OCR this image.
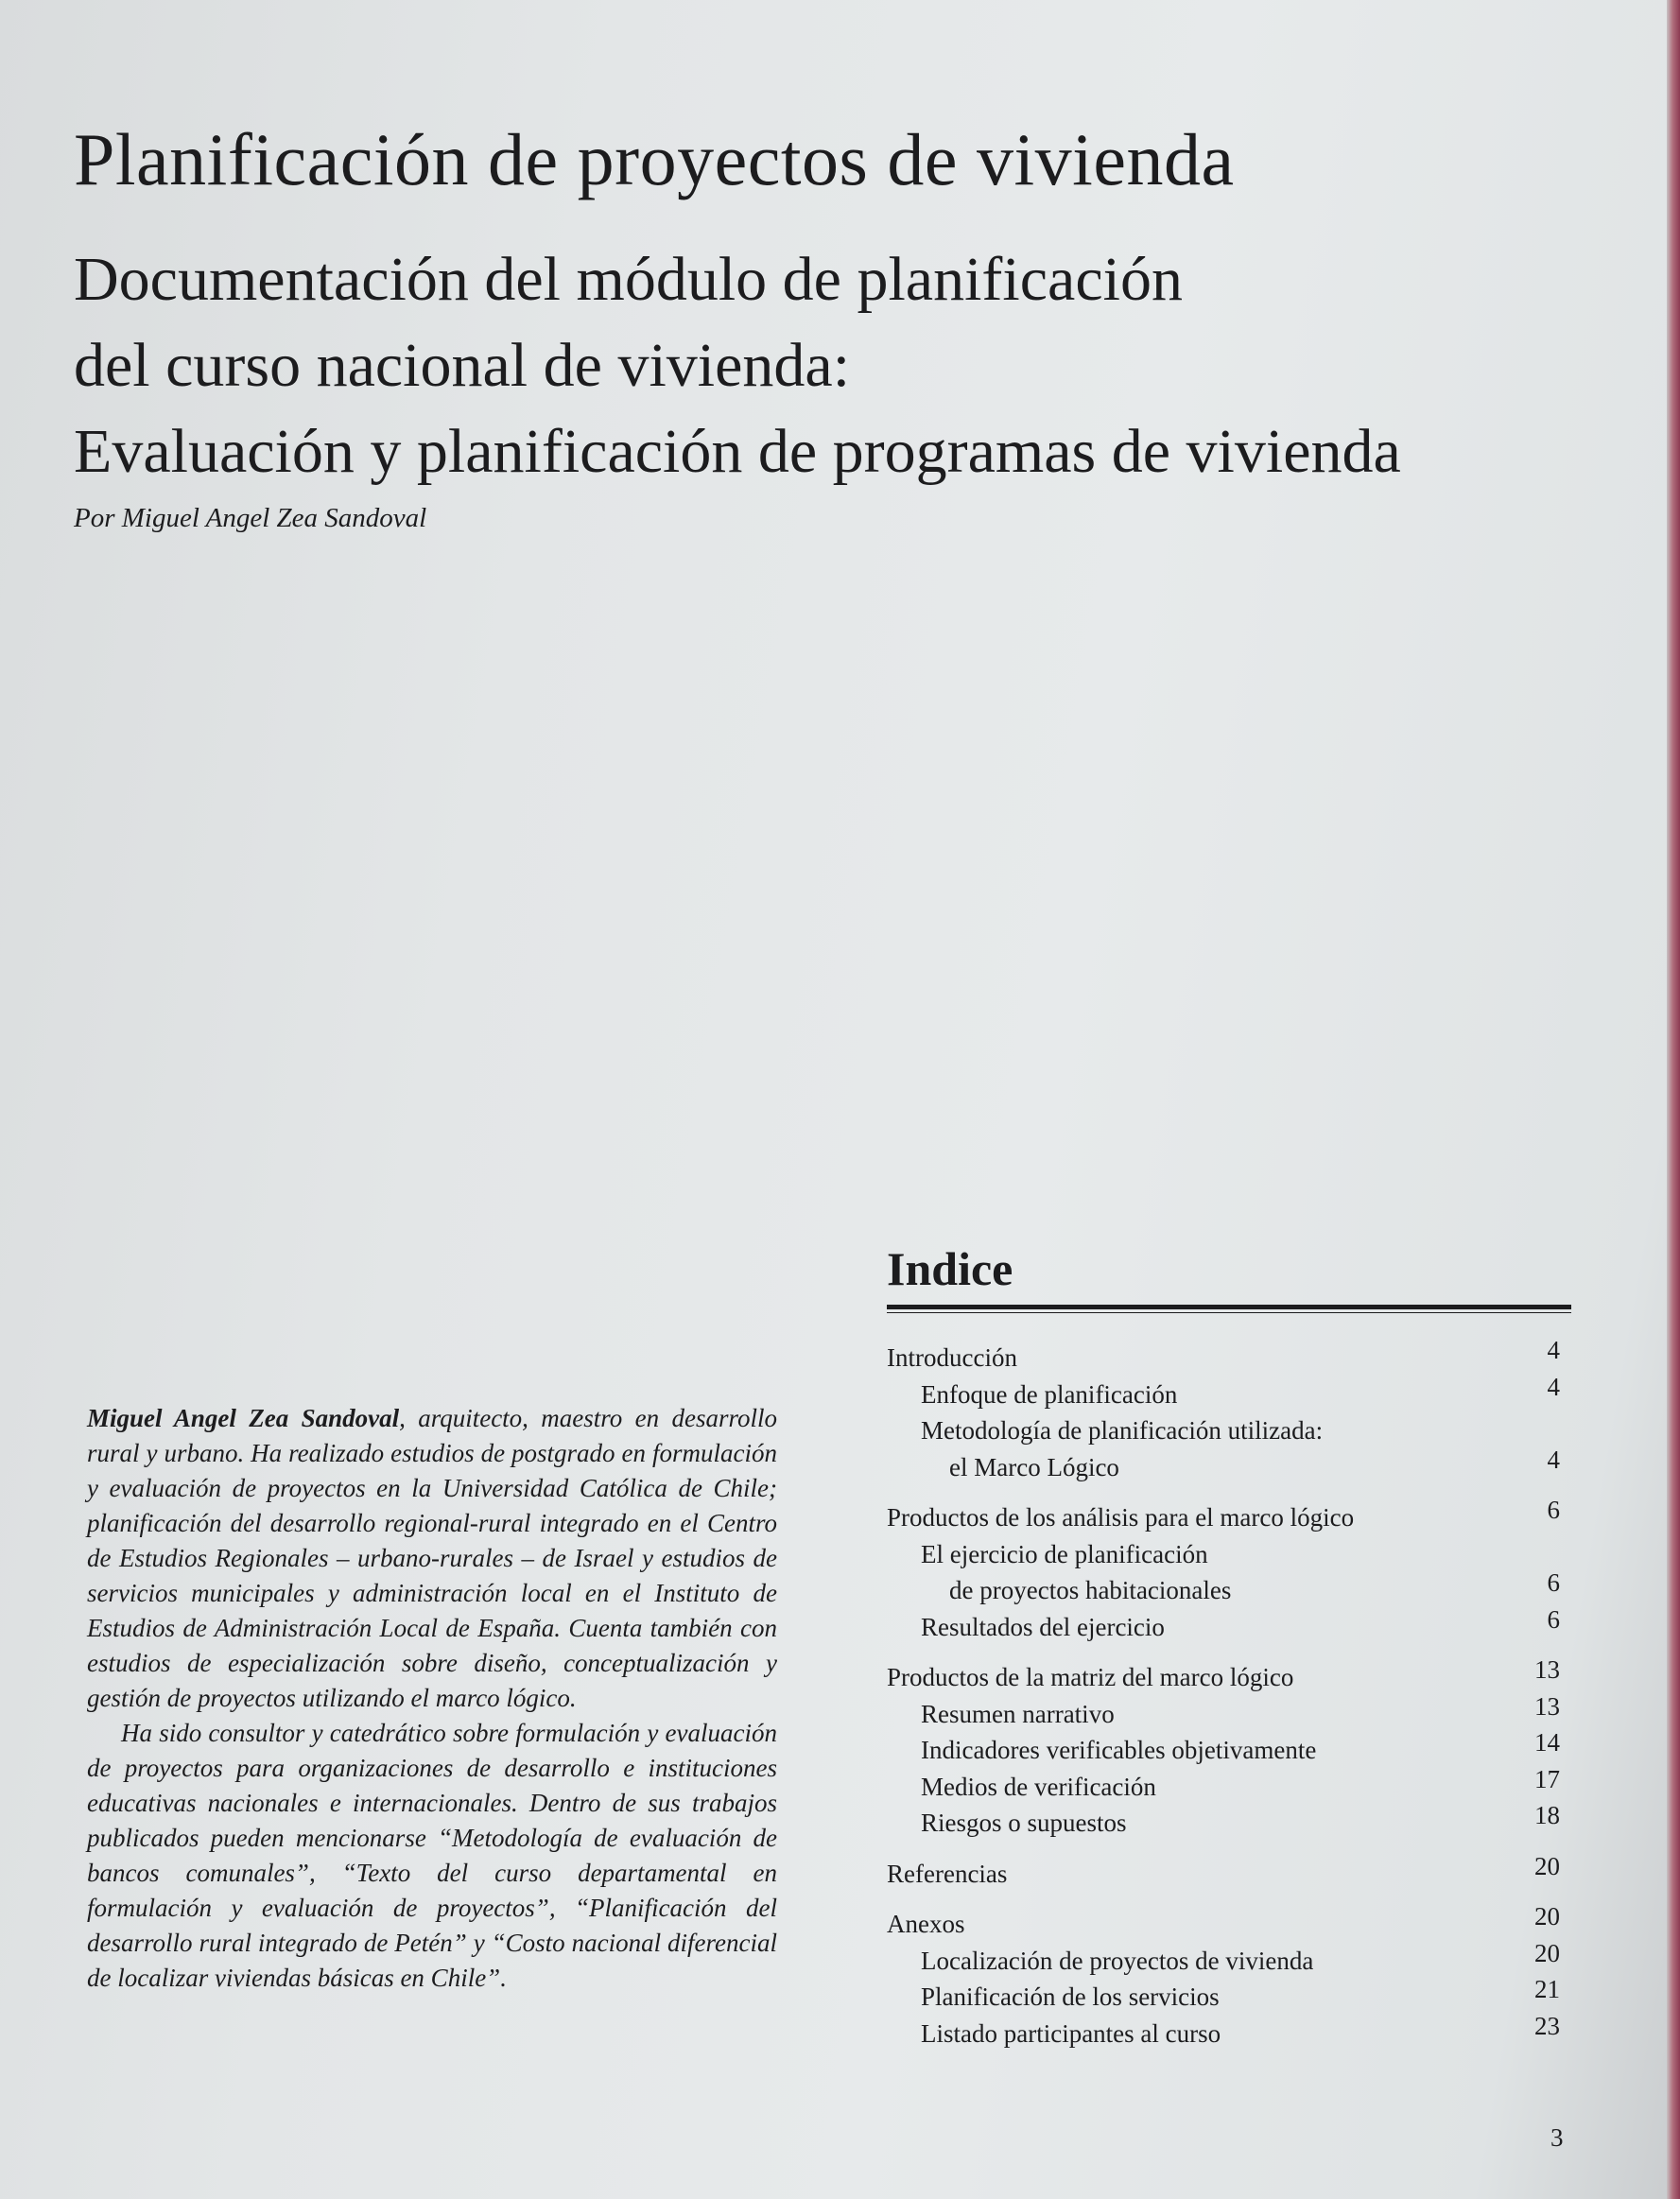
Planificación de proyectos de vivienda
Documentación del módulo de planificación
del curso nacional de vivienda:
Evaluación y planificación de programas de vivienda
Por Miguel Angel Zea Sandoval

Miguel Angel Zea Sandoval, arquitecto, maestro en desarrollo rural y urbano. Ha realizado estudios de postgrado en formulación y evaluación de proyectos en la Universidad Católica de Chile; planificación del desarrollo regional-rural integrado en el Centro de Estudios Regionales – urbano-rurales – de Israel y estudios de servicios municipales y administración local en el Instituto de Estudios de Administración Local de España. Cuenta también con estudios de especialización sobre diseño, conceptualización y gestión de proyectos utilizando el marco lógico.

Ha sido consultor y catedrático sobre formulación y evaluación de proyectos para organizaciones de desarrollo e instituciones educativas nacionales e internacionales. Dentro de sus trabajos publicados pueden mencionarse “Metodología de evaluación de bancos comunales”, “Texto del curso departamental en formulación y evaluación de proyectos”, “Planificación del desarrollo rural integrado de Petén” y “Costo nacional diferencial de localizar viviendas básicas en Chile”.

Indice
Introducción	4
Enfoque de planificación	4
Metodología de planificación utilizada:
el Marco Lógico	4
Productos de los análisis para el marco lógico	6
El ejercicio de planificación
de proyectos habitacionales	6
Resultados del ejercicio	6
Productos de la matriz del marco lógico	13
Resumen narrativo	13
Indicadores verificables objetivamente	14
Medios de verificación	17
Riesgos o supuestos	18
Referencias	20
Anexos	20
Localización de proyectos de vivienda	20
Planificación de los servicios	21
Listado participantes al curso	23
3
